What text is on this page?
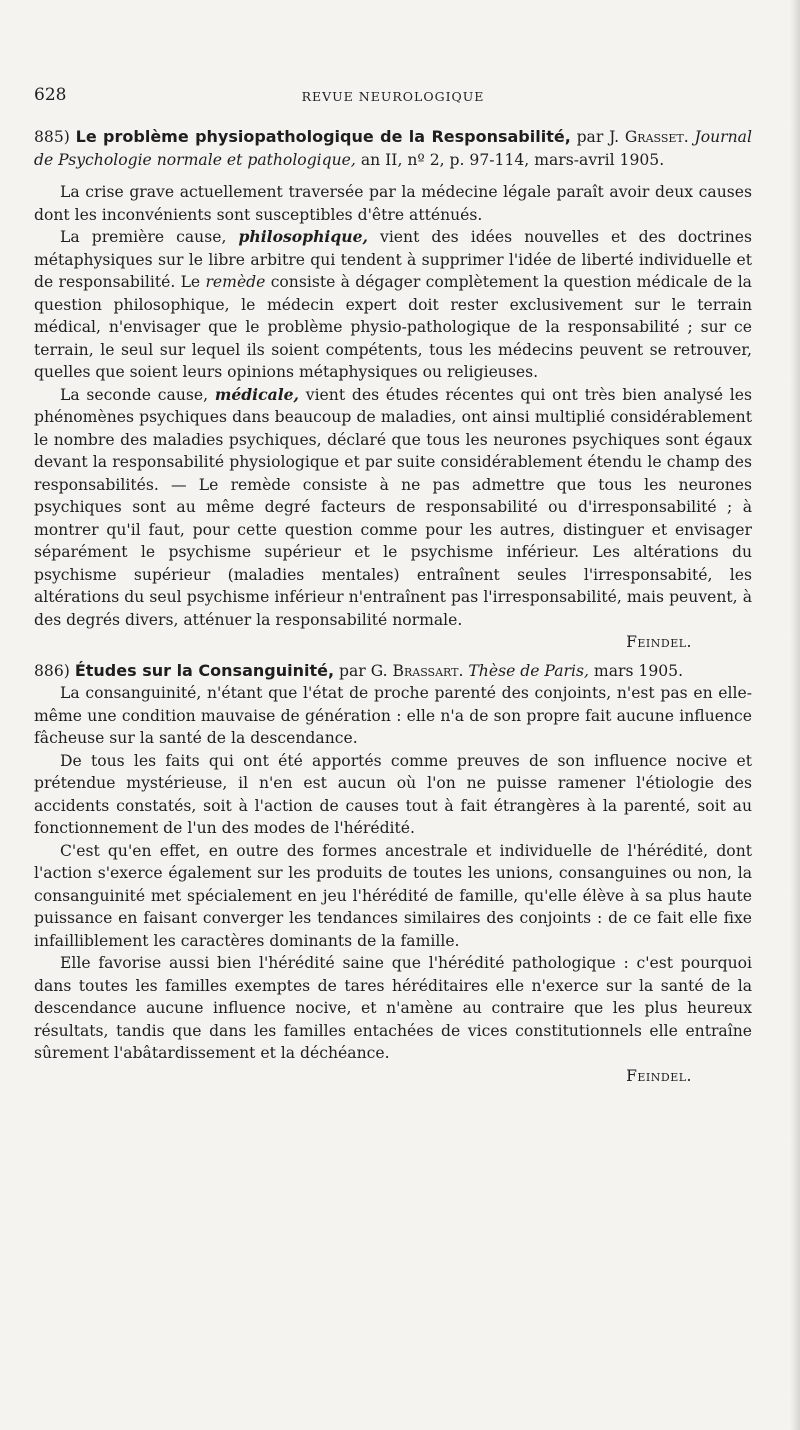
628	REVUE NEUROLOGIQUE
885) Le problème physiopathologique de la Responsabilité, par J. Grasset. Journal de Psychologie normale et pathologique, an II, nº 2, p. 97-114, mars-avril 1905.

La crise grave actuellement traversée par la médecine légale paraît avoir deux causes dont les inconvénients sont susceptibles d'être atténués.

La première cause, philosophique, vient des idées nouvelles et des doctrines métaphysiques sur le libre arbitre qui tendent à supprimer l'idée de liberté individuelle et de responsabilité. Le remède consiste à dégager complètement la question médicale de la question philosophique, le médecin expert doit rester exclusivement sur le terrain médical, n'envisager que le problème physio-pathologique de la responsabilité ; sur ce terrain, le seul sur lequel ils soient compétents, tous les médecins peuvent se retrouver, quelles que soient leurs opinions métaphysiques ou religieuses.

La seconde cause, médicale, vient des études récentes qui ont très bien analysé les phénomènes psychiques dans beaucoup de maladies, ont ainsi multiplié considérablement le nombre des maladies psychiques, déclaré que tous les neurones psychiques sont égaux devant la responsabilité physiologique et par suite considérablement étendu le champ des responsabilités. — Le remède consiste à ne pas admettre que tous les neurones psychiques sont au même degré facteurs de responsabilité ou d'irresponsabilité ; à montrer qu'il faut, pour cette question comme pour les autres, distinguer et envisager séparément le psychisme supérieur et le psychisme inférieur. Les altérations du psychisme supérieur (maladies mentales) entraînent seules l'irresponsabité, les altérations du seul psychisme inférieur n'entraînent pas l'irresponsabilité, mais peuvent, à des degrés divers, atténuer la responsabilité normale.

Feindel.
886) Études sur la Consanguinité, par G. Brassart. Thèse de Paris, mars 1905.

La consanguinité, n'étant que l'état de proche parenté des conjoints, n'est pas en elle-même une condition mauvaise de génération : elle n'a de son propre fait aucune influence fâcheuse sur la santé de la descendance.

De tous les faits qui ont été apportés comme preuves de son influence nocive et prétendue mystérieuse, il n'en est aucun où l'on ne puisse ramener l'étiologie des accidents constatés, soit à l'action de causes tout à fait étrangères à la parenté, soit au fonctionnement de l'un des modes de l'hérédité.

C'est qu'en effet, en outre des formes ancestrale et individuelle de l'hérédité, dont l'action s'exerce également sur les produits de toutes les unions, consanguines ou non, la consanguinité met spécialement en jeu l'hérédité de famille, qu'elle élève à sa plus haute puissance en faisant converger les tendances similaires des conjoints : de ce fait elle fixe infailliblement les caractères dominants de la famille.

Elle favorise aussi bien l'hérédité saine que l'hérédité pathologique : c'est pourquoi dans toutes les familles exemptes de tares héréditaires elle n'exerce sur la santé de la descendance aucune influence nocive, et n'amène au contraire que les plus heureux résultats, tandis que dans les familles entachées de vices constitutionnels elle entraîne sûrement l'abâtardissement et la déchéance.

Feindel.
